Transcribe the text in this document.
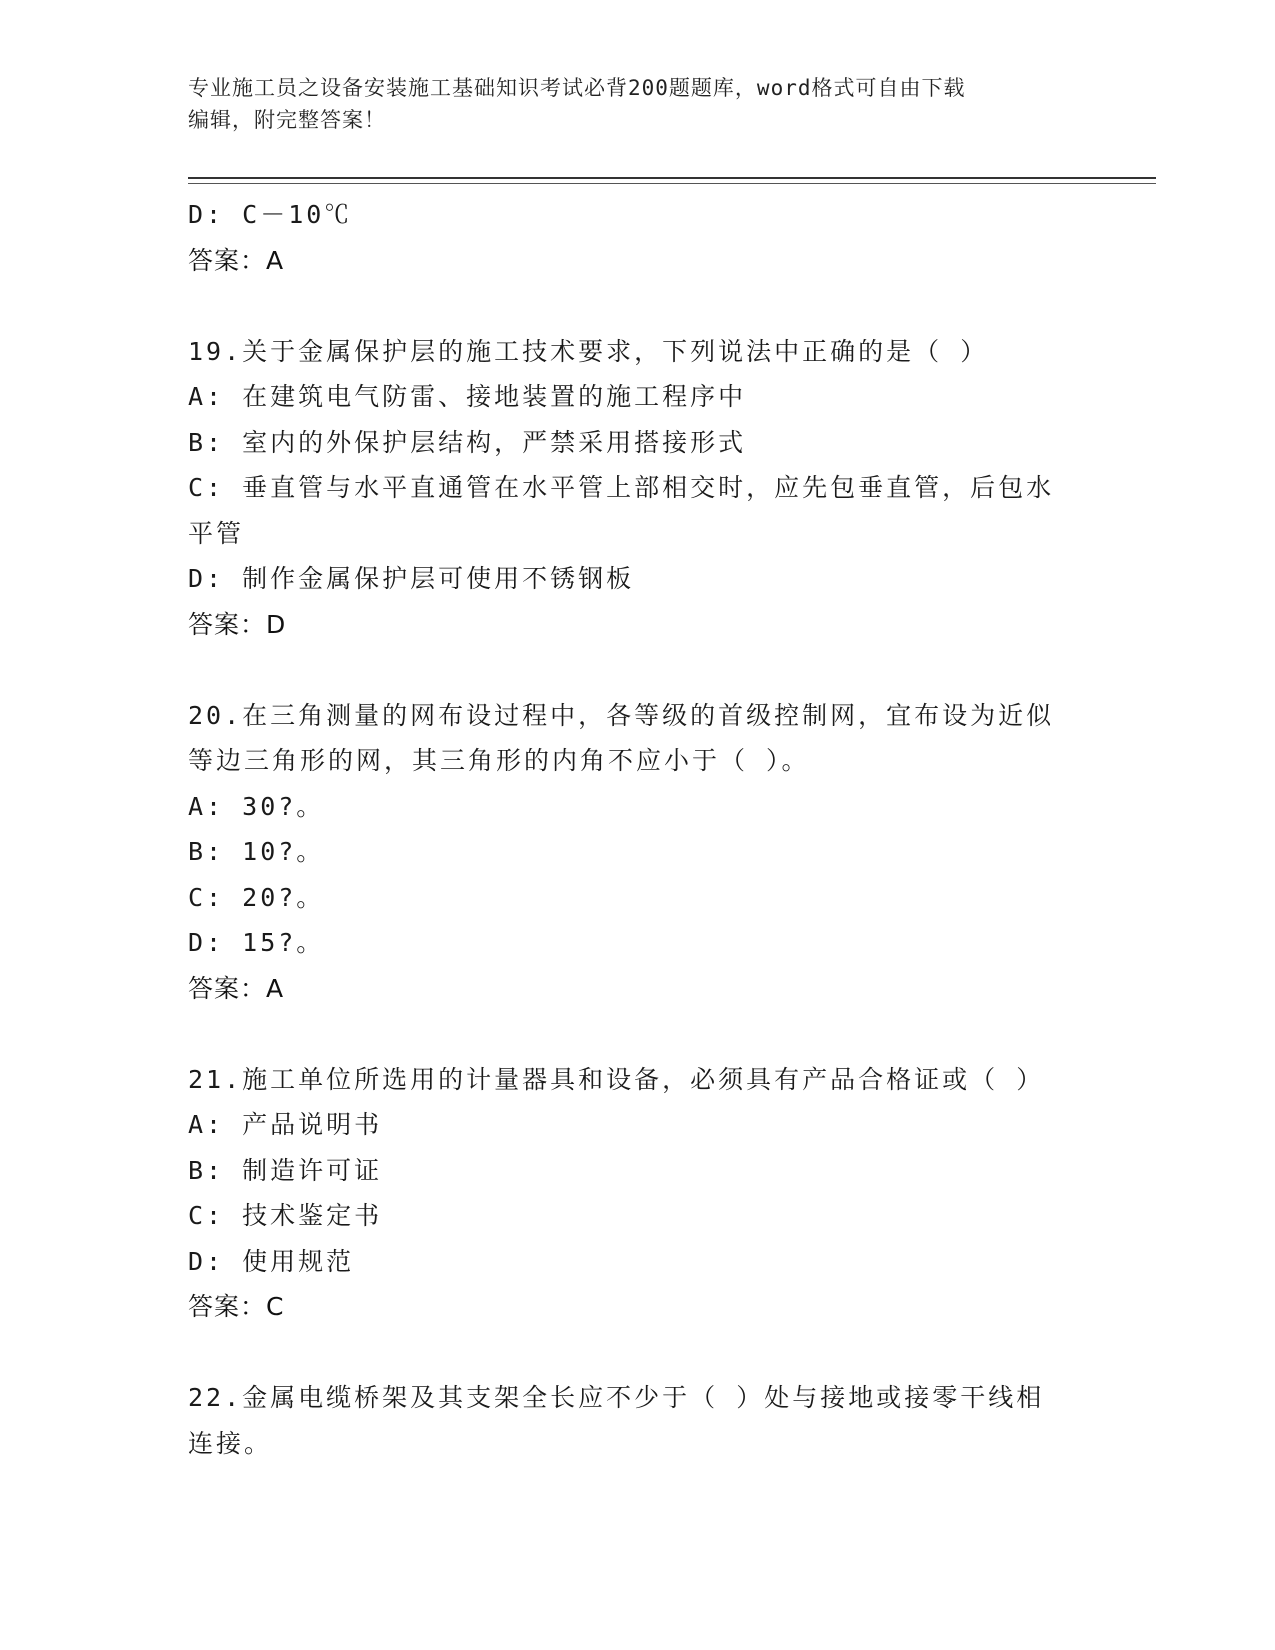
专业施工员之设备安装施工基础知识考试必背200题题库，word格式可自由下载
编辑，附完整答案！
D: C－10℃
答案：A
19.关于金属保护层的施工技术要求，下列说法中正确的是（ ）
A: 在建筑电气防雷、接地装置的施工程序中
B: 室内的外保护层结构，严禁采用搭接形式
C: 垂直管与水平直通管在水平管上部相交时，应先包垂直管，后包水
平管
D: 制作金属保护层可使用不锈钢板
答案：D
20.在三角测量的网布设过程中，各等级的首级控制网，宜布设为近似
等边三角形的网，其三角形的内角不应小于（ ）。
A: 30?。
B: 10?。
C: 20?。
D: 15?。
答案：A
21.施工单位所选用的计量器具和设备，必须具有产品合格证或（ ）
A: 产品说明书
B: 制造许可证
C: 技术鉴定书
D: 使用规范
答案：C
22.金属电缆桥架及其支架全长应不少于（ ）处与接地或接零干线相
连接。
